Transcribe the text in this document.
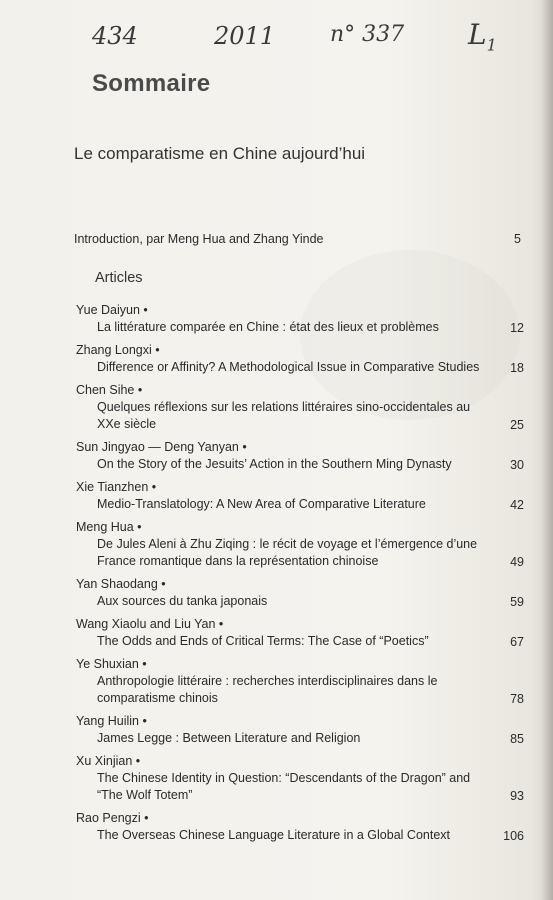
434	2011 n° 337 $L_1$
Sommaire
Le comparatisme en Chine aujourd’hui
Introduction, par Meng Hua and Zhang Yinde	5
Articles
Yue Daiyun •
La littérature comparée en Chine : état des lieux et problèmes	12
Zhang Longxi •
Difference or Affinity? A Methodological Issue in Comparative Studies	18
Chen Sihe •
Quelques réflexions sur les relations littéraires sino-occidentales au XXe siècle	25
Sun Jingyao — Deng Yanyan •
On the Story of the Jesuits’ Action in the Southern Ming Dynasty	30
Xie Tianzhen •
Medio-Translatology: A New Area of Comparative Literature	42
Meng Hua •
De Jules Aleni à Zhu Ziqing : le récit de voyage et l’émergence d’une France romantique dans la représentation chinoise	49
Yan Shaodang •
Aux sources du tanka japonais	59
Wang Xiaolu and Liu Yan •
The Odds and Ends of Critical Terms: The Case of “Poetics”	67
Ye Shuxian •
Anthropologie littéraire : recherches interdisciplinaires dans le comparatisme chinois	78
Yang Huilin •
James Legge : Between Literature and Religion	85
Xu Xinjian •
The Chinese Identity in Question: “Descendants of the Dragon” and “The Wolf Totem”	93
Rao Pengzi •
The Overseas Chinese Language Literature in a Global Context	106
